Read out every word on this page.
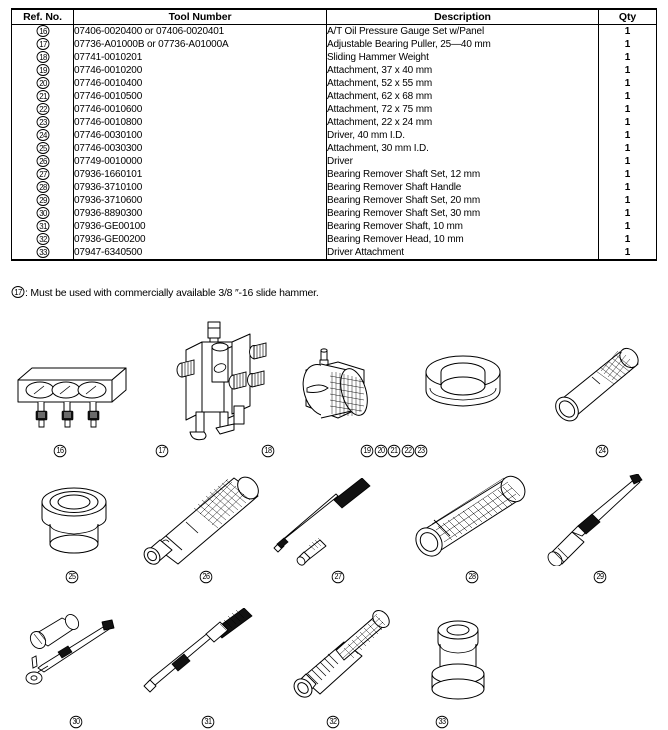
Ref. No.	Tool Number	Description	Qty
16	07406-0020400 or 07406-0020401	A/T Oil Pressure Gauge Set w/Panel	1
17	07736-A01000B or 07736-A01000A	Adjustable Bearing Puller, 25—40 mm	1
18	07741-0010201	Sliding Hammer Weight	1
19	07746-0010200	Attachment, 37 x 40 mm	1
20	07746-0010400	Attachment, 52 x 55 mm	1
21	07746-0010500	Attachment, 62 x 68 mm	1
22	07746-0010600	Attachment, 72 x 75 mm	1
23	07746-0010800	Attachment, 22 x 24 mm	1
24	07746-0030100	Driver, 40 mm I.D.	1
25	07746-0030300	Attachment, 30 mm I.D.	1
26	07749-0010000	Driver	1
27	07936-1660101	Bearing Remover Shaft Set, 12 mm	1
28	07936-3710100	Bearing Remover Shaft Handle	1
29	07936-3710600	Bearing Remover Shaft Set, 20 mm	1
30	07936-8890300	Bearing Remover Shaft Set, 30 mm	1
31	07936-GE00100	Bearing Remover Shaft, 10 mm	1
32	07936-GE00200	Bearing Remover Head, 10 mm	1
33	07947-6340500	Driver Attachment	1
17 : Must be used with commercially available 3/8 ″-16 slide hammer.
16	17	18	19 20 21 22 23	24
25	26	27	28	29
30	31	32	33
